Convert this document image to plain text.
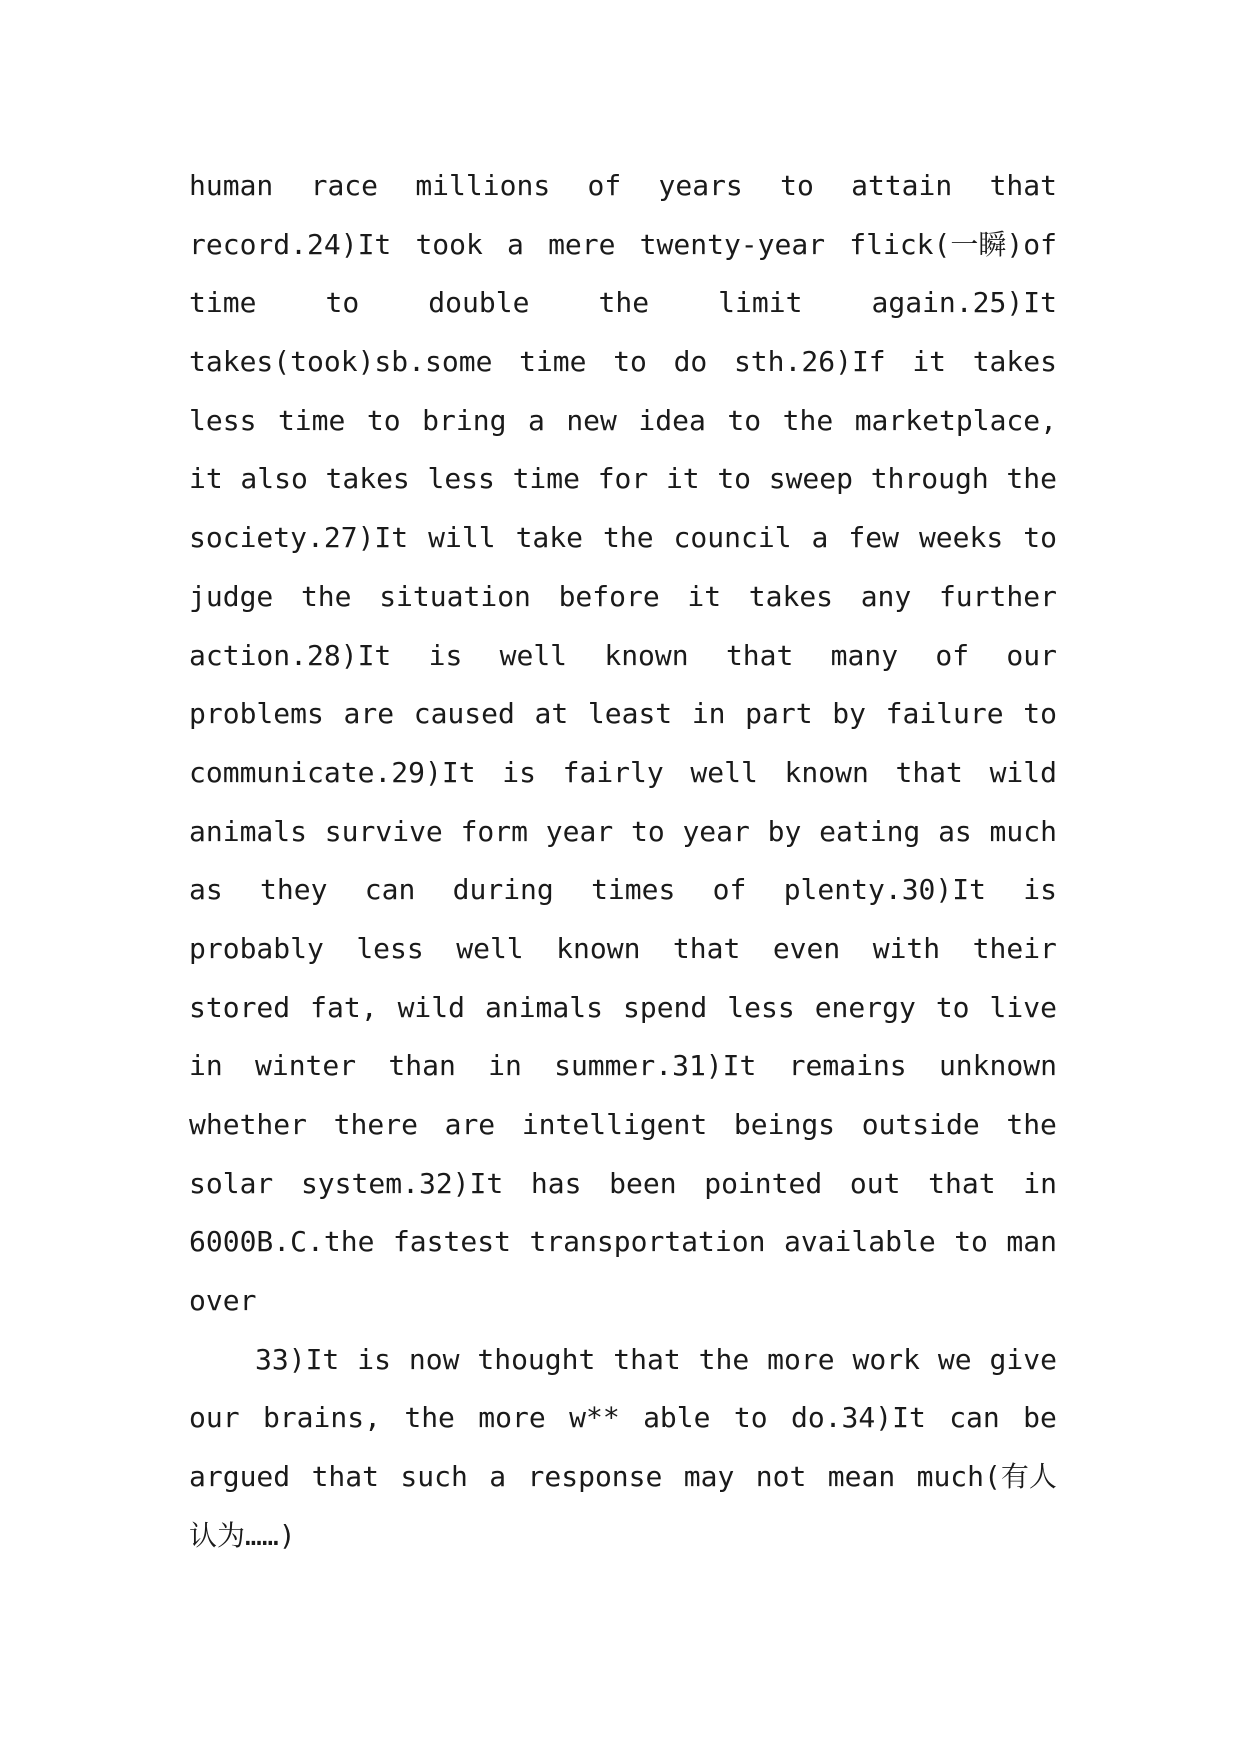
human race millions of years to attain that
record.24)It took a mere twenty-year flick(一瞬)of
time to double the limit again.25)It
takes(took)sb.some time to do sth.26)If it takes
less time to bring a new idea to the marketplace,
it also takes less time for it to sweep through the
society.27)It will take the council a few weeks to
judge the situation before it takes any further
action.28)It is well known that many of our
problems are caused at least in part by failure to
communicate.29)It is fairly well known that wild
animals survive form year to year by eating as much
as they can during times of plenty.30)It is
probably less well known that even with their
stored fat, wild animals spend less energy to live
in winter than in summer.31)It remains unknown
whether there are intelligent beings outside the
solar system.32)It has been pointed out that in
6000B.C.the fastest transportation available to man
over
33)It is now thought that the more work we give
our brains, the more w** able to do.34)It can be
argued that such a response may not mean much(有人
认为……)
